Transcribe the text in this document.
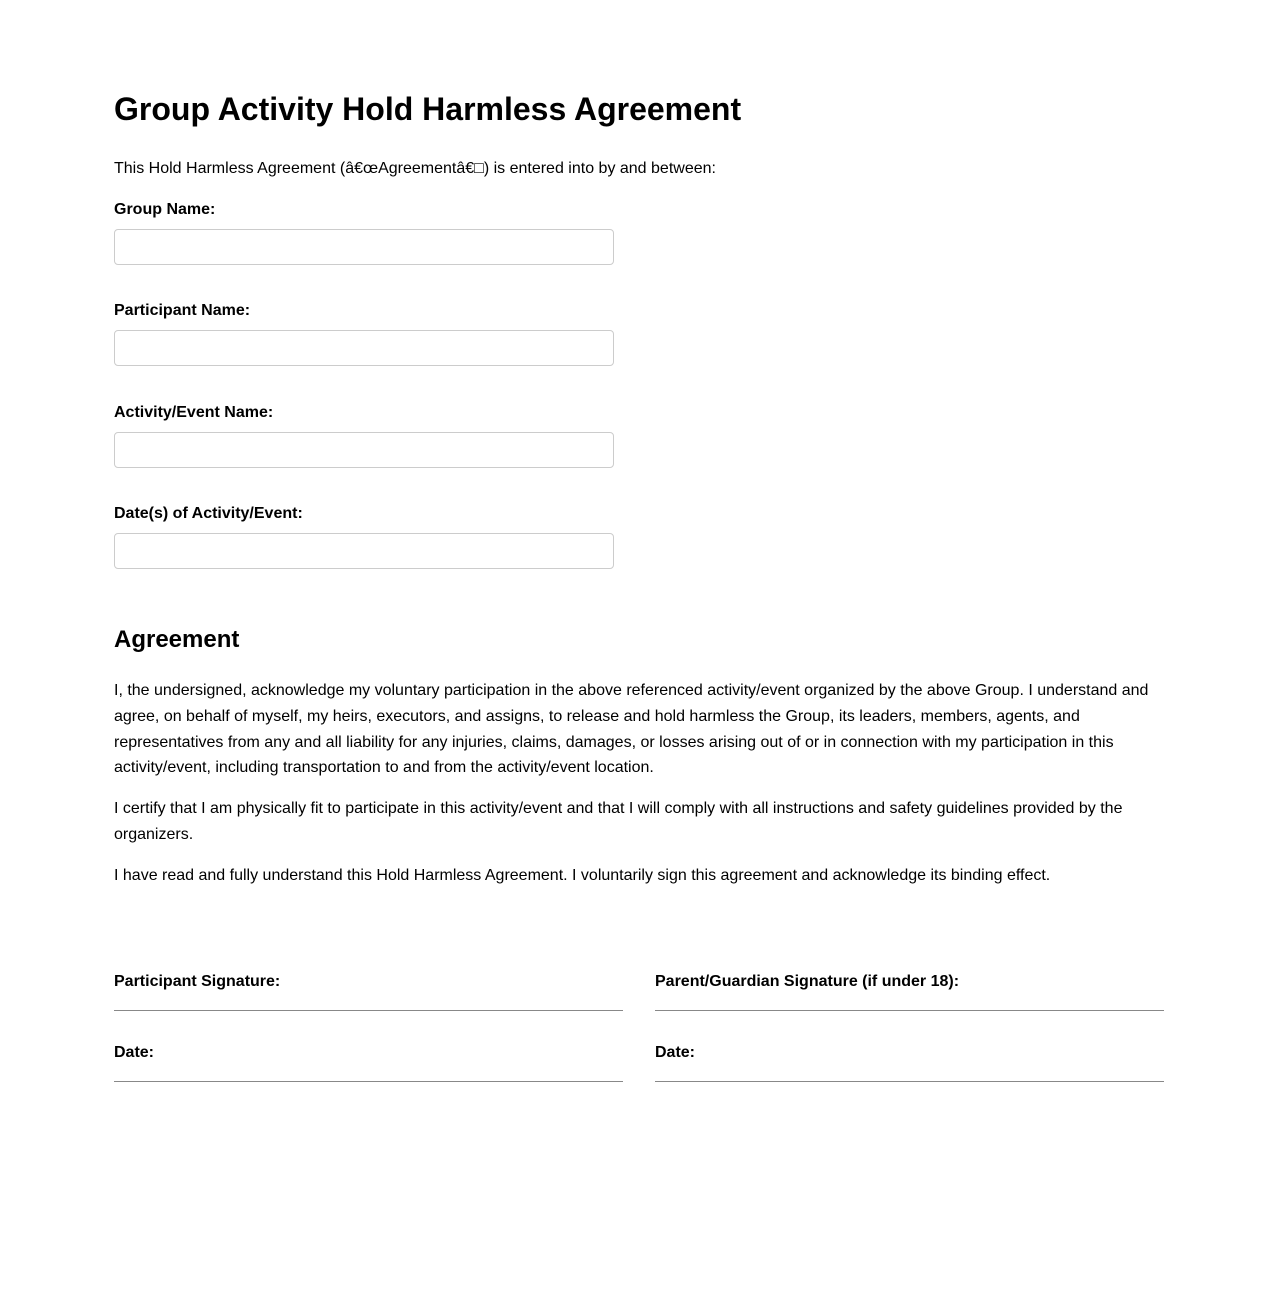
Group Activity Hold Harmless Agreement

This Hold Harmless Agreement (â€œAgreementâ€□) is entered into by and between:

Group Name:
Participant Name:
Activity/Event Name:
Date(s) of Activity/Event:
Agreement

I, the undersigned, acknowledge my voluntary participation in the above referenced activity/event organized by the above Group. I understand and agree, on behalf of myself, my heirs, executors, and assigns, to release and hold harmless the Group, its leaders, members, agents, and representatives from any and all liability for any injuries, claims, damages, or losses arising out of or in connection with my participation in this activity/event, including transportation to and from the activity/event location.

I certify that I am physically fit to participate in this activity/event and that I will comply with all instructions and safety guidelines provided by the organizers.

I have read and fully understand this Hold Harmless Agreement. I voluntarily sign this agreement and acknowledge its binding effect.

Participant Signature:
Date:
Parent/Guardian Signature (if under 18):
Date:
